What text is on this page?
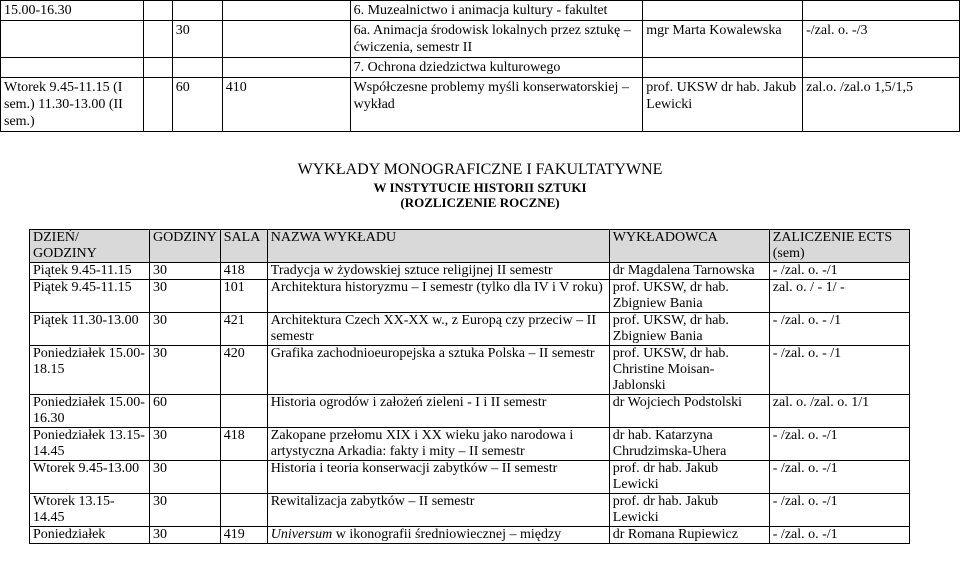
15.00-16.30				6. Muzealnictwo i animacja kultury - fakultet		
		30		6a. Animacja środowisk lokalnych przez sztukę – ćwiczenia, semestr II	mgr Marta Kowalewska	-/zal. o. -/3
				7. Ochrona dziedzictwa kulturowego		
Wtorek 9.45-11.15 (I sem.) 11.30-13.00 (II sem.)		60	410	Współczesne problemy myśli konserwatorskiej – wykład	prof. UKSW dr hab. Jakub Lewicki	zal.o. /zal.o 1,5/1,5
WYKŁADY MONOGRAFICZNE I FAKULTATYWNE
W INSTYTUCIE HISTORII SZTUKI
(ROZLICZENIE ROCZNE)
DZIEŃ/ GODZINY	GODZINY	SALA	NAZWA WYKŁADU	WYKŁADOWCA	ZALICZENIE ECTS (sem)
Piątek 9.45-11.15	30	418	Tradycja w żydowskiej sztuce religijnej II semestr	dr Magdalena Tarnowska	- /zal. o. -/1
Piątek 9.45-11.15	30	101	Architektura historyzmu – I semestr (tylko dla IV i V roku)	prof. UKSW, dr hab. Zbigniew Bania	zal. o. / - 1/ -
Piątek 11.30-13.00	30	421	Architektura Czech XX-XX w., z Europą czy przeciw – II semestr	prof. UKSW, dr hab. Zbigniew Bania	- /zal. o. - /1
Poniedziałek 15.00-18.15	30	420	Grafika zachodnioeuropejska a sztuka Polska – II semestr	prof. UKSW, dr hab. Christine Moisan-Jablonski	- /zal. o. - /1
Poniedziałek 15.00-16.30	60		Historia ogrodów i założeń zieleni - I i II semestr	dr Wojciech Podstolski	zal. o. /zal. o. 1/1
Poniedziałek 13.15-14.45	30	418	Zakopane przełomu XIX i XX wieku jako narodowa i artystyczna Arkadia: fakty i mity – II semestr	dr hab. Katarzyna Chrudzimska-Uhera	- /zal. o. -/1
Wtorek 9.45-13.00	30		Historia i teoria konserwacji zabytków – II semestr	prof. dr hab. Jakub Lewicki	- /zal. o. -/1
Wtorek 13.15-14.45	30		Rewitalizacja zabytków – II semestr	prof. dr hab. Jakub Lewicki	- /zal. o. -/1
Poniedziałek	30	419	Universum w ikonografii średniowiecznej – między	dr Romana Rupiewicz	- /zal. o. -/1
